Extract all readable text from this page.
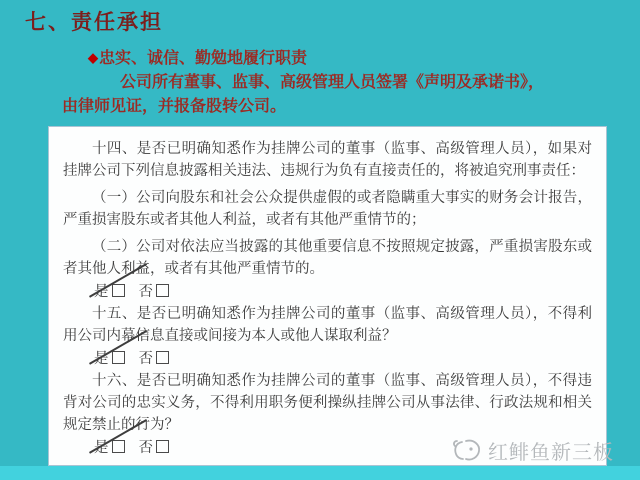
七、责任承担
◆忠实、诚信、勤勉地履行职责
公司所有董事、监事、高级管理人员签署《声明及承诺书》，
由律师见证，并报备股转公司。

十四、是否已明确知悉作为挂牌公司的董事（监事、高级管理人员），如果对挂牌公司下列信息披露相关违法、违规行为负有直接责任的，将被追究刑事责任：

（一）公司向股东和社会公众提供虚假的或者隐瞒重大事实的财务会计报告，严重损害股东或者其他人利益，或者有其他严重情节的；

（二）公司对依法应当披露的其他重要信息不按照规定披露，严重损害股东或者其他人利益，或者有其他严重情节的。

是 否

十五、是否已明确知悉作为挂牌公司的董事（监事、高级管理人员），不得利用公司内幕信息直接或间接为本人或他人谋取利益？

是 否

十六、是否已明确知悉作为挂牌公司的董事（监事、高级管理人员），不得违背对公司的忠实义务，不得利用职务便利操纵挂牌公司从事法律、行政法规和相关规定禁止的行为？

是 否	红鲱鱼新三板
